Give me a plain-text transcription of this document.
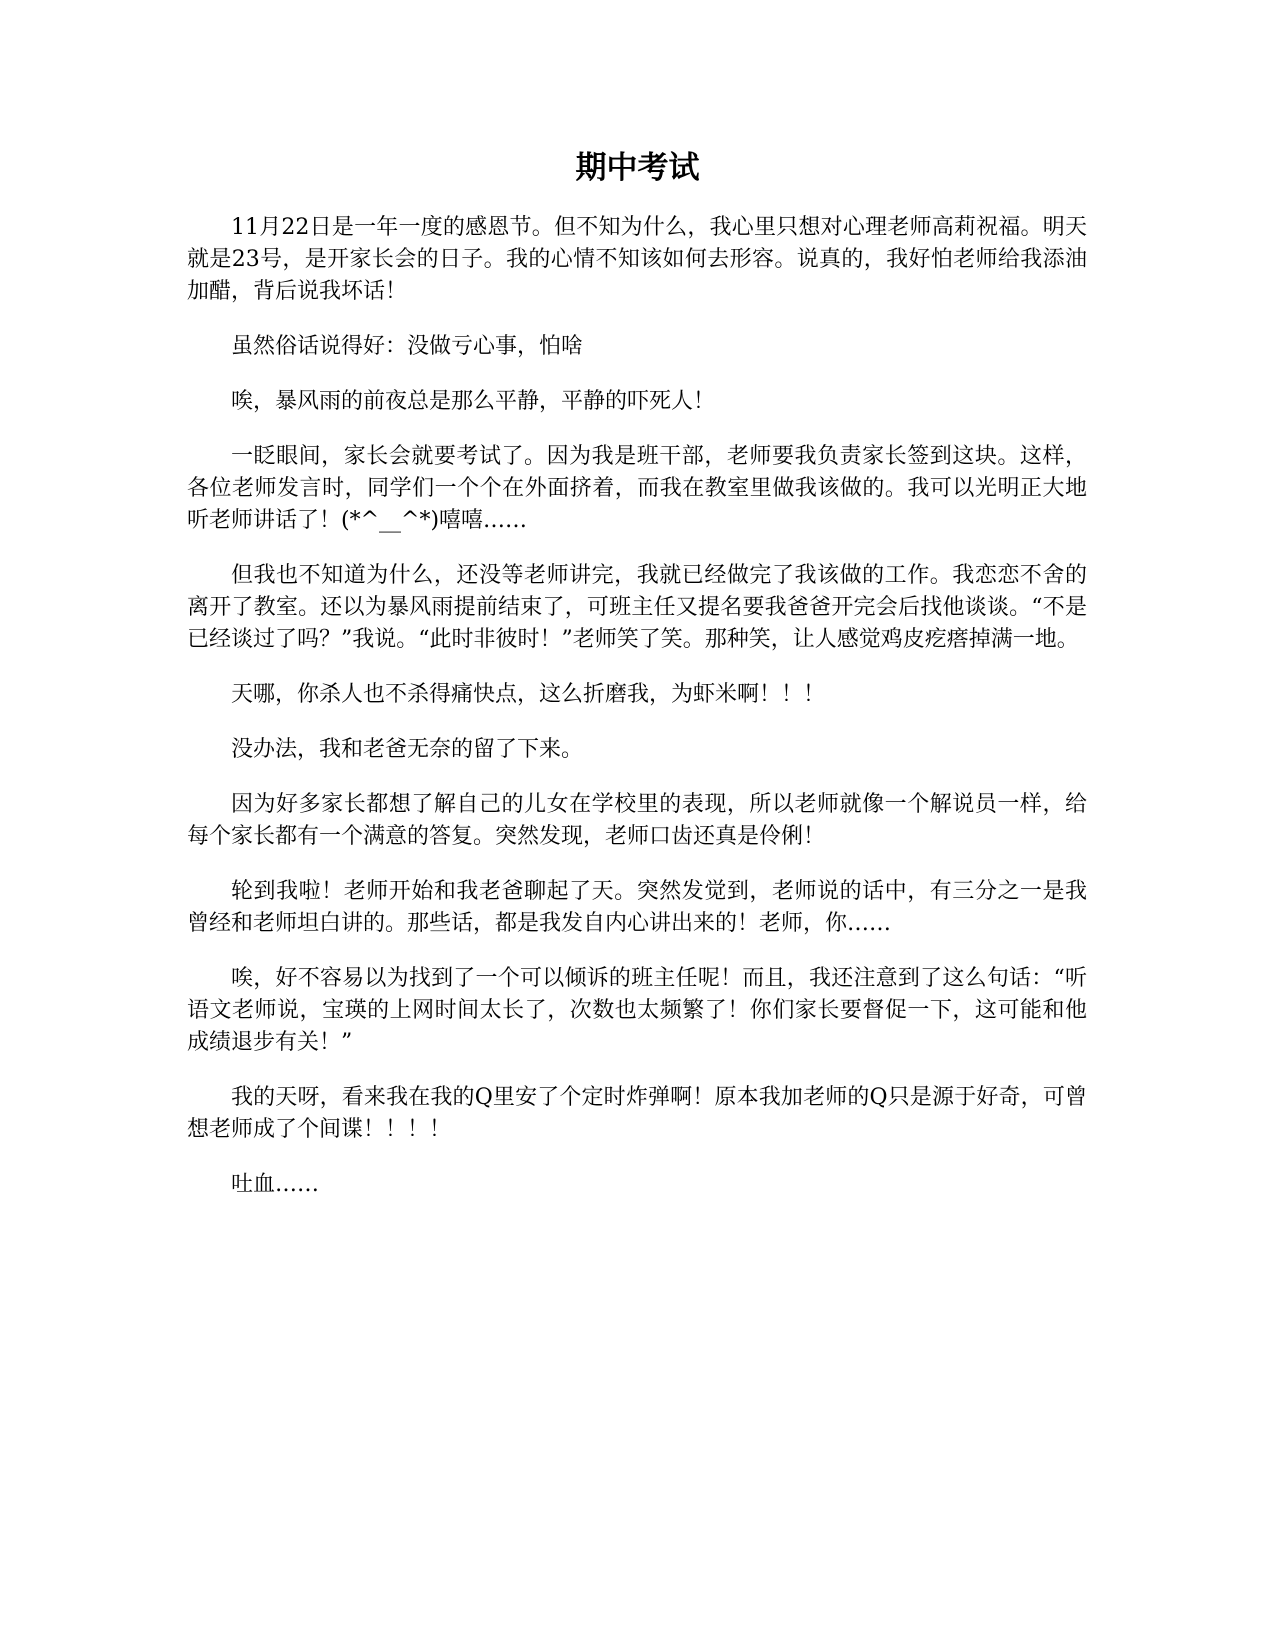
期中考试

11月22日是一年一度的感恩节。但不知为什么，我心里只想对心理老师高莉祝福。明天就是23号，是开家长会的日子。我的心情不知该如何去形容。说真的，我好怕老师给我添油加醋，背后说我坏话！

虽然俗话说得好：没做亏心事，怕啥

唉，暴风雨的前夜总是那么平静，平静的吓死人！

一眨眼间，家长会就要考试了。因为我是班干部，老师要我负责家长签到这块。这样，各位老师发言时，同学们一个个在外面挤着，而我在教室里做我该做的。我可以光明正大地听老师讲话了！(*^__^*)嘻嘻……

但我也不知道为什么，还没等老师讲完，我就已经做完了我该做的工作。我恋恋不舍的离开了教室。还以为暴风雨提前结束了，可班主任又提名要我爸爸开完会后找他谈谈。“不是已经谈过了吗？”我说。“此时非彼时！”老师笑了笑。那种笑，让人感觉鸡皮疙瘩掉满一地。

天哪，你杀人也不杀得痛快点，这么折磨我，为虾米啊！！！

没办法，我和老爸无奈的留了下来。

因为好多家长都想了解自己的儿女在学校里的表现，所以老师就像一个解说员一样，给每个家长都有一个满意的答复。突然发现，老师口齿还真是伶俐！

轮到我啦！老师开始和我老爸聊起了天。突然发觉到，老师说的话中，有三分之一是我曾经和老师坦白讲的。那些话，都是我发自内心讲出来的！老师，你……

唉，好不容易以为找到了一个可以倾诉的班主任呢！而且，我还注意到了这么句话：“听语文老师说，宝瑛的上网时间太长了，次数也太频繁了！你们家长要督促一下，这可能和他成绩退步有关！”

我的天呀，看来我在我的Q里安了个定时炸弹啊！原本我加老师的Q只是源于好奇，可曾想老师成了个间谍！！！！

吐血……
